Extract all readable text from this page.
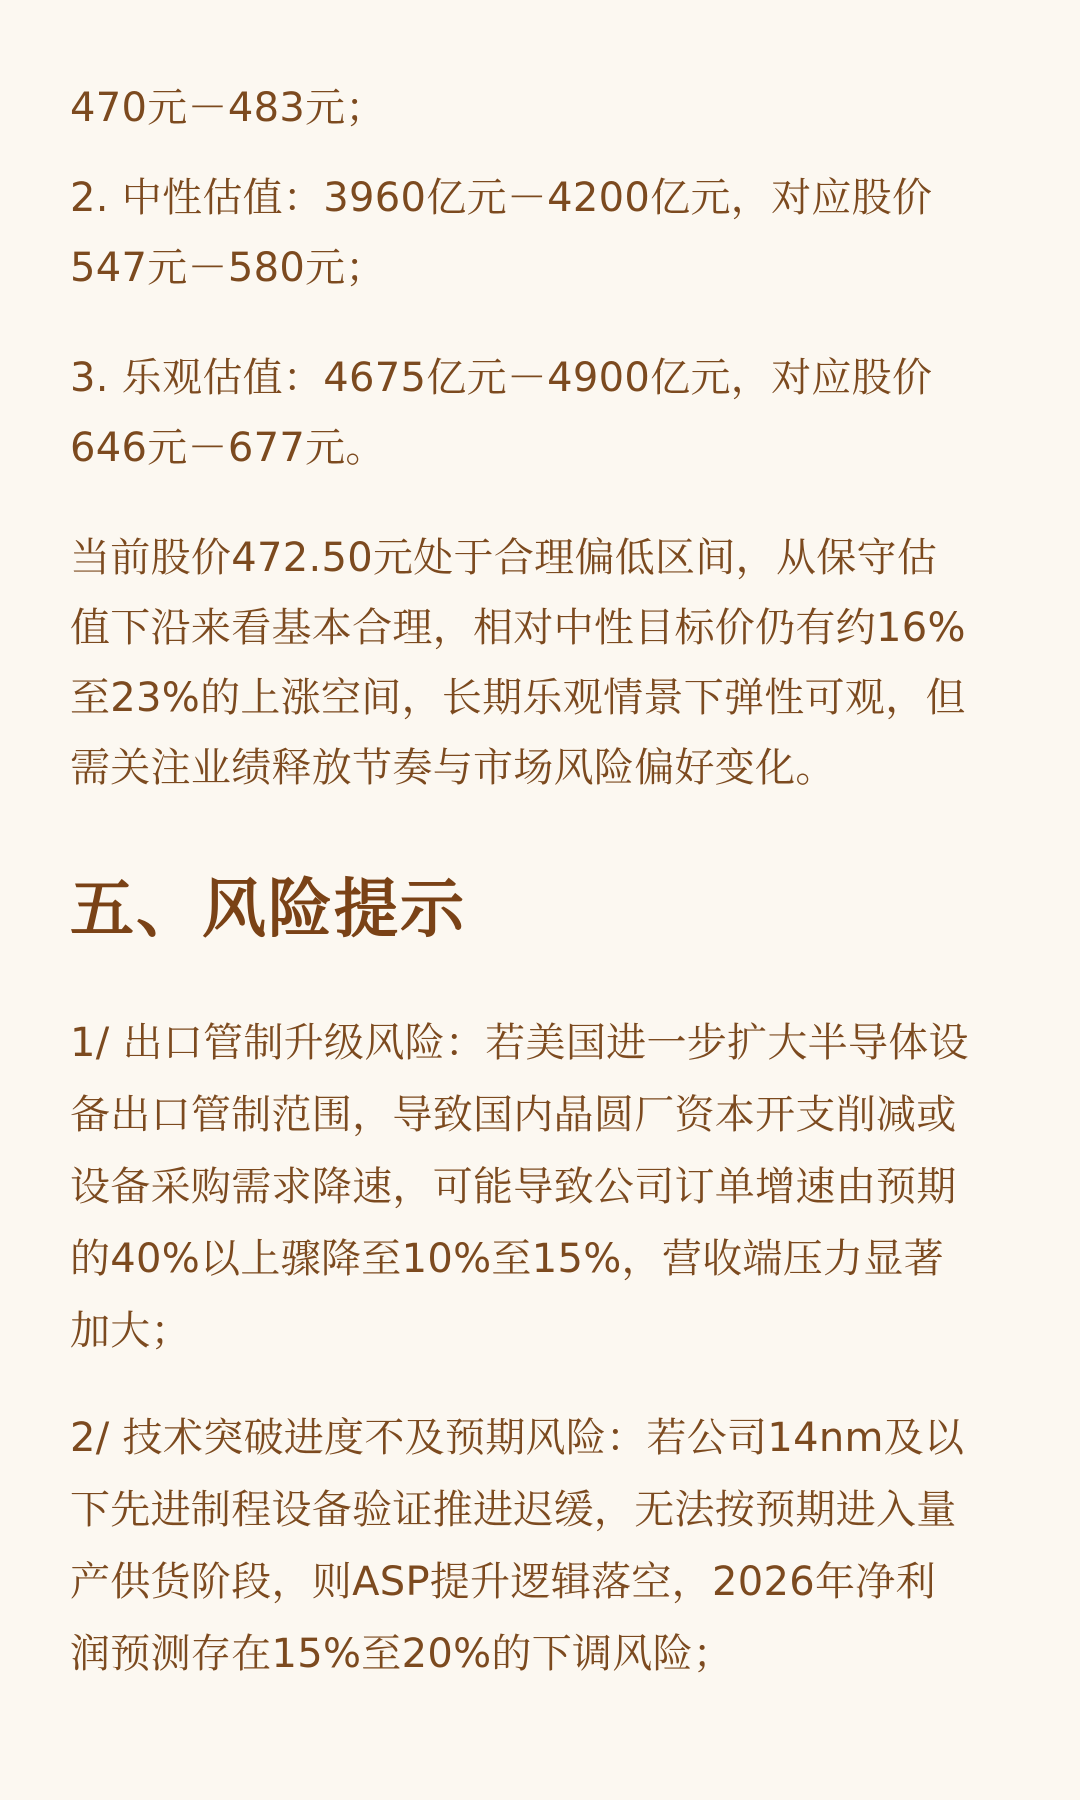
470元－483元；
2. 中性估值：3960亿元－4200亿元，对应股价
547元－580元；
3. 乐观估值：4675亿元－4900亿元，对应股价
646元－677元。
当前股价472.50元处于合理偏低区间，从保守估
值下沿来看基本合理，相对中性目标价仍有约16%
至23%的上涨空间，长期乐观情景下弹性可观，但
需关注业绩释放节奏与市场风险偏好变化。
五、风险提示
1/ 出口管制升级风险：若美国进一步扩大半导体设
备出口管制范围，导致国内晶圆厂资本开支削减或
设备采购需求降速，可能导致公司订单增速由预期
的40%以上骤降至10%至15%，营收端压力显著
加大；
2/ 技术突破进度不及预期风险：若公司14nm及以
下先进制程设备验证推进迟缓，无法按预期进入量
产供货阶段，则ASP提升逻辑落空，2026年净利
润预测存在15%至20%的下调风险；
